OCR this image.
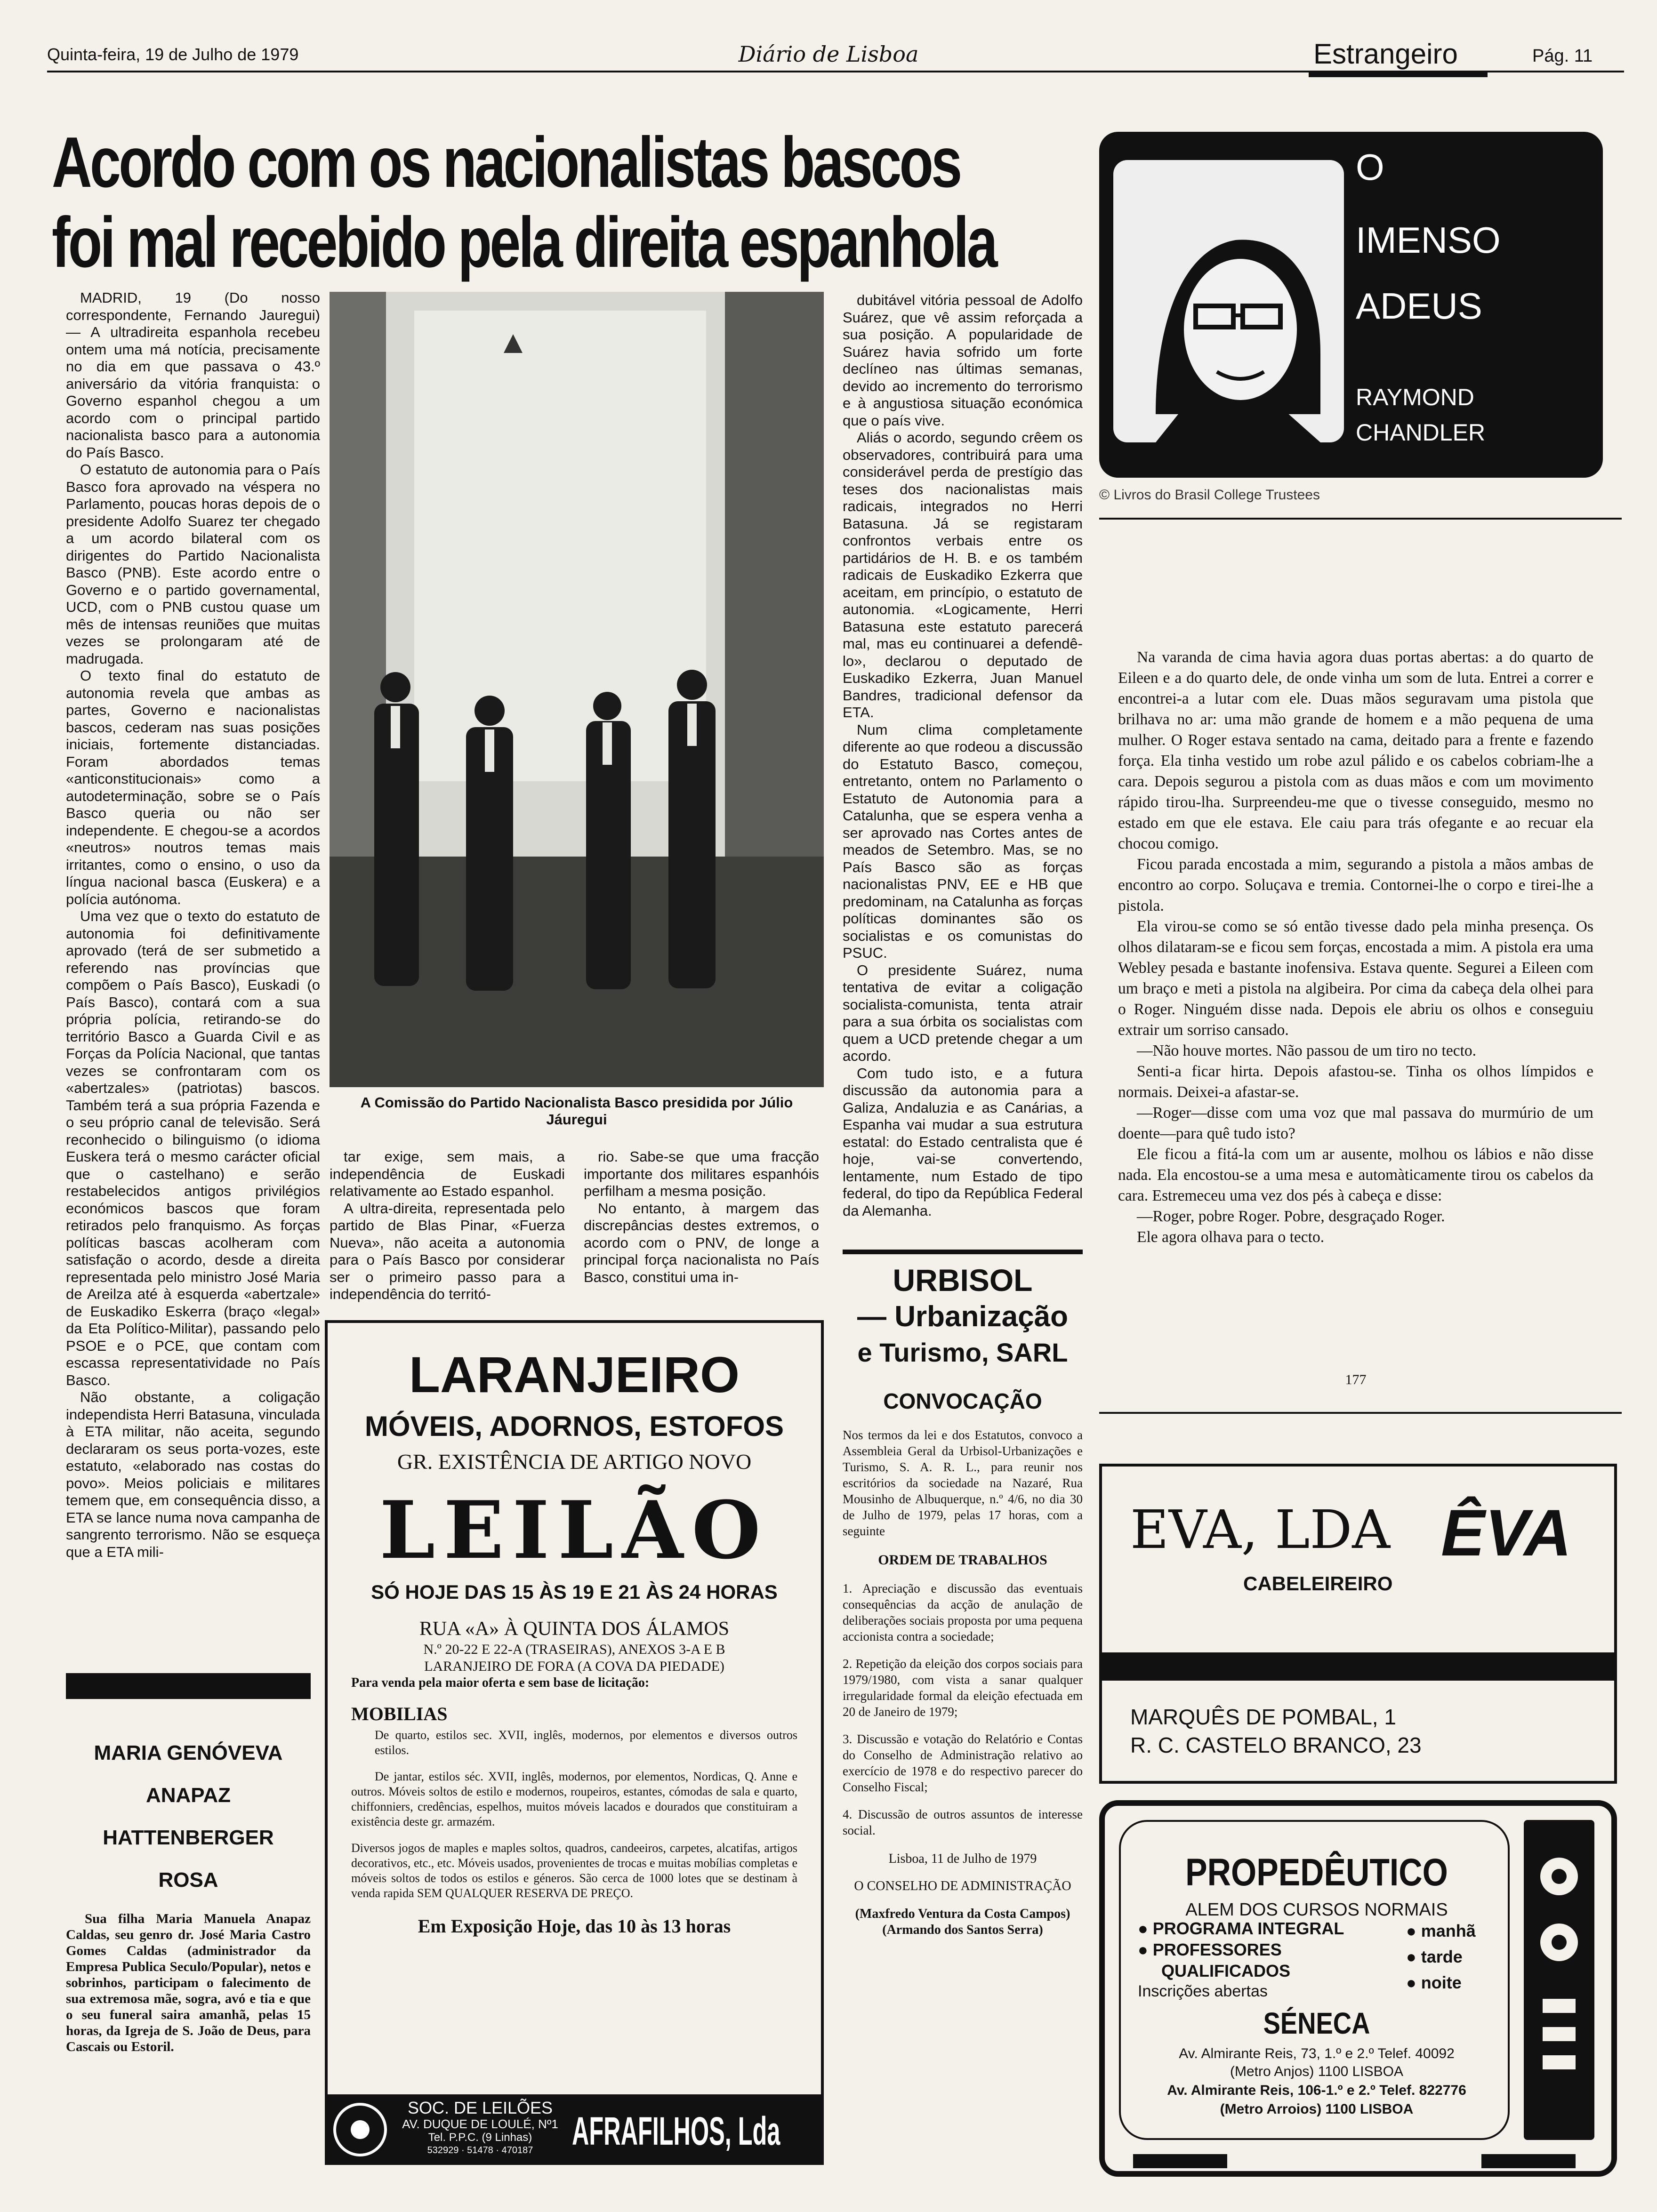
Quinta-feira, 19 de Julho de 1979	Diário de Lisboa	Estrangeiro	Pág. 11
Acordo com os nacionalistas bascos
foi mal recebido pela direita espanhola

MADRID, 19 (Do nosso correspondente, Fernando Jauregui) — A ultradireita espanhola recebeu ontem uma má notícia, precisamente no dia em que passava o 43.º aniversário da vitória franquista: o Governo espanhol chegou a um acordo com o principal partido nacionalista basco para a autonomia do País Basco.

O estatuto de autonomia para o País Basco fora aprovado na véspera no Parlamento, poucas horas depois de o presidente Adolfo Suarez ter chegado a um acordo bilateral com os dirigentes do Partido Nacionalista Basco (PNB). Este acordo entre o Governo e o partido governamental, UCD, com o PNB custou quase um mês de intensas reuniões que muitas vezes se prolongaram até de madrugada.

O texto final do estatuto de autonomia revela que ambas as partes, Governo e nacionalistas bascos, cederam nas suas posições iniciais, fortemente distanciadas. Foram abordados temas «anticonstitucionais» como a autodeterminação, sobre se o País Basco queria ou não ser independente. E chegou-se a acordos «neutros» noutros temas mais irritantes, como o ensino, o uso da língua nacional basca (Euskera) e a polícia autónoma.

Uma vez que o texto do estatuto de autonomia foi definitivamente aprovado (terá de ser submetido a referendo nas províncias que compõem o País Basco), Euskadi (o País Basco), contará com a sua própria polícia, retirando-se do território Basco a Guarda Civil e as Forças da Polícia Nacional, que tantas vezes se confrontaram com os «abertzales» (patriotas) bascos. Também terá a sua própria Fazenda e o seu próprio canal de televisão. Será reconhecido o bilinguismo (o idioma Euskera terá o mesmo carácter oficial que o castelhano) e serão restabelecidos antigos privilégios económicos bascos que foram retirados pelo franquismo. As forças políticas bascas acolheram com satisfação o acordo, desde a direita representada pelo ministro José Maria de Areilza até à esquerda «abertzale» de Euskadiko Eskerra (braço «legal» da Eta Político-Militar), passando pelo PSOE e o PCE, que contam com escassa representatividade no País Basco.

Não obstante, a coligação independista Herri Batasuna, vinculada à ETA militar, não aceita, segundo declararam os seus porta-vozes, este estatuto, «elaborado nas costas do povo». Meios policiais e militares temem que, em consequência disso, a ETA se lance numa nova campanha de sangrento terrorismo. Não se esqueça que a ETA mili-

A Comissão do Partido Nacionalista Basco presidida por Júlio Jáuregui

tar exige, sem mais, a independência de Euskadi relativamente ao Estado espanhol.

A ultra-direita, representada pelo partido de Blas Pinar, «Fuerza Nueva», não aceita a autonomia para o País Basco por considerar ser o primeiro passo para a independência do territó-

rio. Sabe-se que uma fracção importante dos militares espanhóis perfilham a mesma posição.

No entanto, à margem das discrepâncias destes extremos, o acordo com o PNV, de longe a principal força nacionalista no País Basco, constitui uma in-

dubitável vitória pessoal de Adolfo Suárez, que vê assim reforçada a sua posição. A popularidade de Suárez havia sofrido um forte declíneo nas últimas semanas, devido ao incremento do terrorismo e à angustiosa situação económica que o país vive.

Aliás o acordo, segundo crêem os observadores, contribuirá para uma considerável perda de prestígio das teses dos nacionalistas mais radicais, integrados no Herri Batasuna. Já se registaram confrontos verbais entre os partidários de H. B. e os também radicais de Euskadiko Ezkerra que aceitam, em princípio, o estatuto de autonomia. «Logicamente, Herri Batasuna este estatuto parecerá mal, mas eu continuarei a defendê-lo», declarou o deputado de Euskadiko Ezkerra, Juan Manuel Bandres, tradicional defensor da ETA.

Num clima completamente diferente ao que rodeou a discussão do Estatuto Basco, começou, entretanto, ontem no Parlamento o Estatuto de Autonomia para a Catalunha, que se espera venha a ser aprovado nas Cortes antes de meados de Setembro. Mas, se no País Basco são as forças nacionalistas PNV, EE e HB que predominam, na Catalunha as forças políticas dominantes são os socialistas e os comunistas do PSUC.

O presidente Suárez, numa tentativa de evitar a coligação socialista-comunista, tenta atrair para a sua órbita os socialistas com quem a UCD pretende chegar a um acordo.

Com tudo isto, e a futura discussão da autonomia para a Galiza, Andaluzia e as Canárias, a Espanha vai mudar a sua estrutura estatal: do Estado centralista que é hoje, vai-se convertendo, lentamente, num Estado de tipo federal, do tipo da República Federal da Alemanha.

O
IMENSO
ADEUS
RAYMOND
CHANDLER
© Livros do Brasil College Trustees

Na varanda de cima havia agora duas portas abertas: a do quarto de Eileen e a do quarto dele, de onde vinha um som de luta. Entrei a correr e encontrei-a a lutar com ele. Duas mãos seguravam uma pistola que brilhava no ar: uma mão grande de homem e a mão pequena de uma mulher. O Roger estava sentado na cama, deitado para a frente e fazendo força. Ela tinha vestido um robe azul pálido e os cabelos cobriam-lhe a cara. Depois segurou a pistola com as duas mãos e com um movimento rápido tirou-lha. Surpreendeu-me que o tivesse conseguido, mesmo no estado em que ele estava. Ele caiu para trás ofegante e ao recuar ela chocou comigo.

Ficou parada encostada a mim, segurando a pistola a mãos ambas de encontro ao corpo. Soluçava e tremia. Contornei-lhe o corpo e tirei-lhe a pistola.

Ela virou-se como se só então tivesse dado pela minha presença. Os olhos dilataram-se e ficou sem forças, encostada a mim. A pistola era uma Webley pesada e bastante inofensiva. Estava quente. Segurei a Eileen com um braço e meti a pistola na algibeira. Por cima da cabeça dela olhei para o Roger. Ninguém disse nada. Depois ele abriu os olhos e conseguiu extrair um sorriso cansado.

—Não houve mortes. Não passou de um tiro no tecto.

Senti-a ficar hirta. Depois afastou-se. Tinha os olhos límpidos e normais. Deixei-a afastar-se.

—Roger—disse com uma voz que mal passava do murmúrio de um doente—para quê tudo isto?

Ele ficou a fitá-la com um ar ausente, molhou os lábios e não disse nada. Ela encostou-se a uma mesa e automàticamente tirou os cabelos da cara. Estremeceu uma vez dos pés à cabeça e disse:

—Roger, pobre Roger. Pobre, desgraçado Roger.

Ele agora olhava para o tecto.

177
URBISOL
— Urbanização
e Turismo, SARL
CONVOCAÇÃO
Nos termos da lei e dos Estatutos, convoco a Assembleia Geral da Urbisol-Urbanizações e Turismo, S. A. R. L., para reunir nos escritórios da sociedade na Nazaré, Rua Mousinho de Albuquerque, n.º 4/6, no dia 30 de Julho de 1979, pelas 17 horas, com a seguinte
ORDEM DE TRABALHOS
1. Apreciação e discussão das eventuais consequências da acção de anulação de deliberações sociais proposta por uma pequena accionista contra a sociedade;
2. Repetição da eleição dos corpos sociais para 1979/1980, com vista a sanar qualquer irregularidade formal da eleição efectuada em 20 de Janeiro de 1979;
3. Discussão e votação do Relatório e Contas do Conselho de Administração relativo ao exercício de 1978 e do respectivo parecer do Conselho Fiscal;
4. Discussão de outros assuntos de interesse social.
Lisboa, 11 de Julho de 1979
O CONSELHO DE ADMINISTRAÇÃO
(Maxfredo Ventura da Costa Campos)
(Armando dos Santos Serra)
LARANJEIRO
MÓVEIS, ADORNOS, ESTOFOS
GR. EXISTÊNCIA DE ARTIGO NOVO
LEILÃO
SÓ HOJE DAS 15 ÀS 19 E 21 ÀS 24 HORAS
RUA «A» À QUINTA DOS ÁLAMOS
N.º 20-22 E 22-A (TRASEIRAS), ANEXOS 3-A E B
LARANJEIRO DE FORA (A COVA DA PIEDADE)
Para venda pela maior oferta e sem base de licitação:
MOBILIAS
De quarto, estilos sec. XVII, inglês, modernos, por elementos e diversos outros estilos.
De jantar, estilos séc. XVII, inglês, modernos, por elementos, Nordicas, Q. Anne e outros. Móveis soltos de estilo e modernos, roupeiros, estantes, cómodas de sala e quarto, chiffonniers, credências, espelhos, muitos móveis lacados e dourados que constituiram a existência deste gr. armazém.
Diversos jogos de maples e maples soltos, quadros, candeeiros, carpetes, alcatifas, artigos decorativos, etc., etc. Móveis usados, provenientes de trocas e muitas mobílias completas e móveis soltos de todos os estilos e géneros. São cerca de 1000 lotes que se destinam à venda rapida SEM QUALQUER RESERVA DE PREÇO.
Em Exposição Hoje, das 10 às 13 horas
SOC. DE LEILÕES
AV. DUQUE DE LOULÉ, Nº1
Tel. P.P.C. (9 Linhas)
532929 · 51478 · 470187 AFRAFILHOS, Lda
MARIA GENÓVEVA
ANAPAZ
HATTENBERGER
ROSA
Sua filha Maria Manuela Anapaz Caldas, seu genro dr. José Maria Castro Gomes Caldas (administrador da Empresa Publica Seculo/Popular), netos e sobrinhos, participam o falecimento de sua extremosa mãe, sogra, avó e tia e que o seu funeral saira amanhã, pelas 15 horas, da Igreja de S. João de Deus, para Cascais ou Estoril.
EVA, LDA
CABELEIREIRO
ÊVA
MARQUÊS DE POMBAL, 1
R. C. CASTELO BRANCO, 23
PROPEDÊUTICO
ALEM DOS CURSOS NORMAIS
● PROGRAMA INTEGRAL
● PROFESSORES
QUALIFICADOS
Inscrições abertas
● manhã
● tarde
● noite
SÉNECA
Av. Almirante Reis, 73, 1.º e 2.º Telef. 40092
(Metro Anjos) 1100 LISBOA
Av. Almirante Reis, 106-1.º e 2.º Telef. 822776
(Metro Arroios) 1100 LISBOA
